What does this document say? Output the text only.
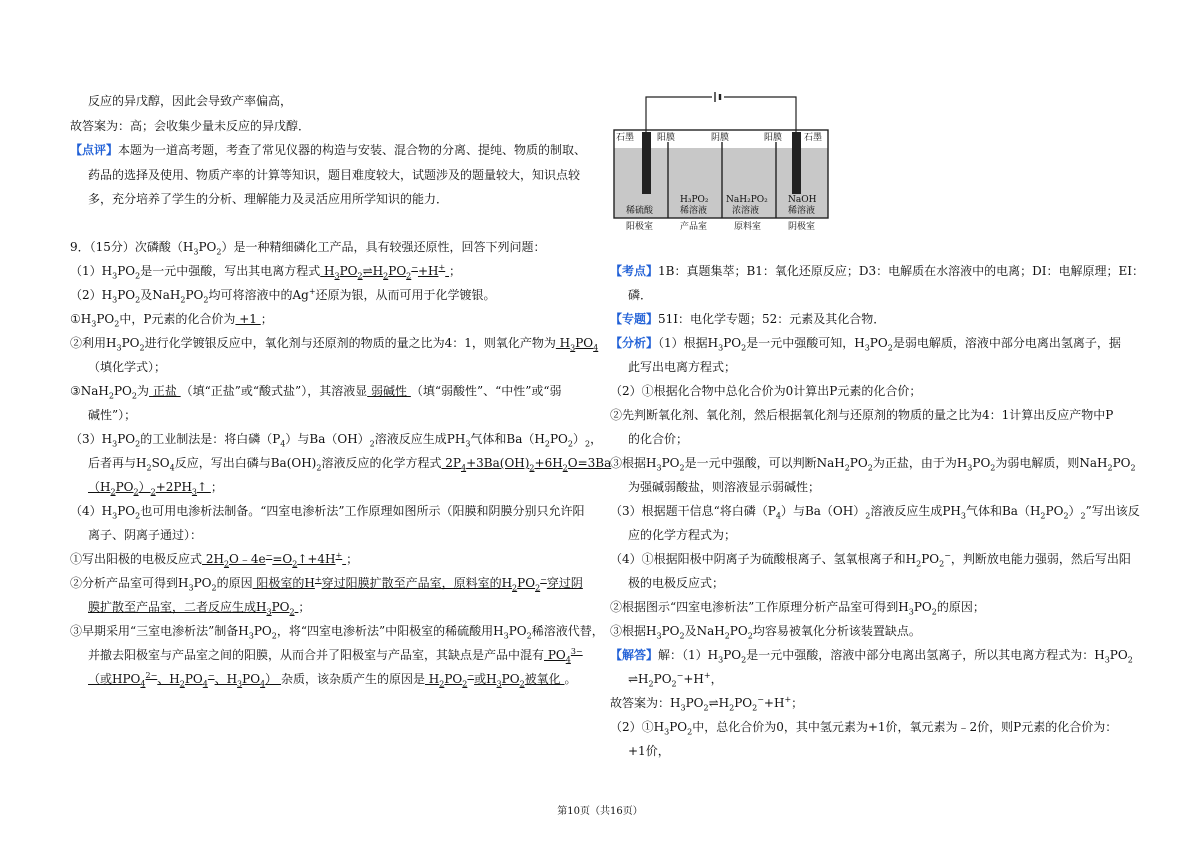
反应的异戊醇，因此会导致产率偏高，
故答案为：高；会收集少量未反应的异戊醇．
【点评】本题为一道高考题，考查了常见仪器的构造与安装、混合物的分离、提纯、物质的制取、
药品的选择及使用、物质产率的计算等知识，题目难度较大，试题涉及的题量较大，知识点较
多，充分培养了学生的分析、理解能力及灵活应用所学知识的能力．
9．（15分）次磷酸$(H_3PO_2)$是一种精细磷化工产品，具有较强还原性，回答下列问题：
$(1)H_3PO_2$是一元中强酸，写出其电离方程式 $H_3PO_2\rightleftharpoons H_2PO_2^-+H^+$ ；
$(2)H_3PO_2$及$NaH_2PO_2$均可将溶液中的Ag+还原为银，从而可用于化学镀银。
$①H_3PO_2$中，P元素的化合价为 +1 ；
②利用$H_3PO_2$进行化学镀银反应中，氧化剂与还原剂的物质的量之比为4：1，则氧化产物为 $H_3PO_4$
（填化学式）；
$③NaH_2PO_2$为 正盐 （填“正盐”或“酸式盐”），其溶液显 弱碱性 （填“弱酸性”、“中性”或“弱
碱性”）；
$(3)H_3PO_2$的工业制法是：将白磷$(P_4)$与$Ba(OH)_2$溶液反应生成$PH_3$气体和$Ba(H_2PO_2)_2$，
后者再与$H_2SO_4$反应，写出白磷与$Ba(OH)_2$溶液反应的化学方程式 $2P_4+3Ba(OH)_2+6H_2O=3Ba$
$(H_2PO_2)_2+2PH_3↑$ ；
$(4)H_3PO_2$也可用电渗析法制备。“四室电渗析法”工作原理如图所示（阳膜和阴膜分别只允许阳
离子、阴离子通过）：
①写出阳极的电极反应式 $2H_2O﹣4e^-=O_2↑+4H^+$ ；
②分析产品室可得到$H_3PO_2$的原因 阳极室的H+穿过阳膜扩散至产品室，原料室的$H_2PO_2^-$穿过阴
膜扩散至产品室，二者反应生成$H_3PO_2$ ；
③早期采用“三室电渗析法”制备$H_3PO_2$，将“四室电渗析法”中阳极室的稀硫酸用$H_3PO_2$稀溶液代替，
并撤去阳极室与产品室之间的阳膜，从而合并了阳极室与产品室，其缺点是产品中混有 $PO_4^{3-}$
（或$HPO_4^{2-}$、$H_2PO_4^-$、$H_3PO_4$） 杂质，该杂质产生的原因是 $H_2PO_2^-$或$H_3PO_2$被氧化 。
【考点】1B：真题集萃；B1：氧化还原反应；D3：电解质在水溶液中的电离；DI：电解原理；EI：
磷．
【专题】51I：电化学专题；52：元素及其化合物．
【分析】（1）根据$H_3PO_2$是一元中强酸可知，$H_3PO_2$是弱电解质，溶液中部分电离出氢离子，据
此写出电离方程式；
（2）①根据化合物中总化合价为0计算出P元素的化合价；
②先判断氧化剂、氧化剂，然后根据氧化剂与还原剂的物质的量之比为4：1计算出反应产物中P
的化合价；
③根据$H_3PO_2$是一元中强酸，可以判断$NaH_2PO_2$为正盐，由于为$H_3PO_2$为弱电解质，则$NaH_2PO_2$
为强碱弱酸盐，则溶液显示弱碱性；
（3）根据题干信息“将白磷$(P_4)$与$Ba(OH)_2$溶液反应生成$PH_3$气体和$Ba(H_2PO_2)_2$”写出该反
应的化学方程式为；
（4）①根据阳极中阴离子为硫酸根离子、氢氧根离子和$H_2PO_2^-$，判断放电能力强弱，然后写出阳
极的电极反应式；
②根据图示“四室电渗析法”工作原理分析产品室可得到$H_3PO_2$的原因；
③根据$H_3PO_2$及$NaH_2PO_2$均容易被氧化分析该装置缺点。
【解答】解：$(1)H_3PO_2$是一元中强酸，溶液中部分电离出氢离子，所以其电离方程式为：$H_3PO_2$
$\rightleftharpoons H_2PO_2^-+H^+$，
故答案为：$H_3PO_2\rightleftharpoons H_2PO_2^-+H^+$；
$(2)①H_3PO_2$中，总化合价为0，其中氢元素为+1价，氧元素为﹣2价，则P元素的化合价为：
+1价，
石墨	阳膜	阴膜	阳膜 石墨
稀硫酸
H₃PO₂
稀溶液
NaH₂PO₂
浓溶液
NaOH
稀溶液
阳极室	产品室	原料室	阴极室
第10页（共16页）
